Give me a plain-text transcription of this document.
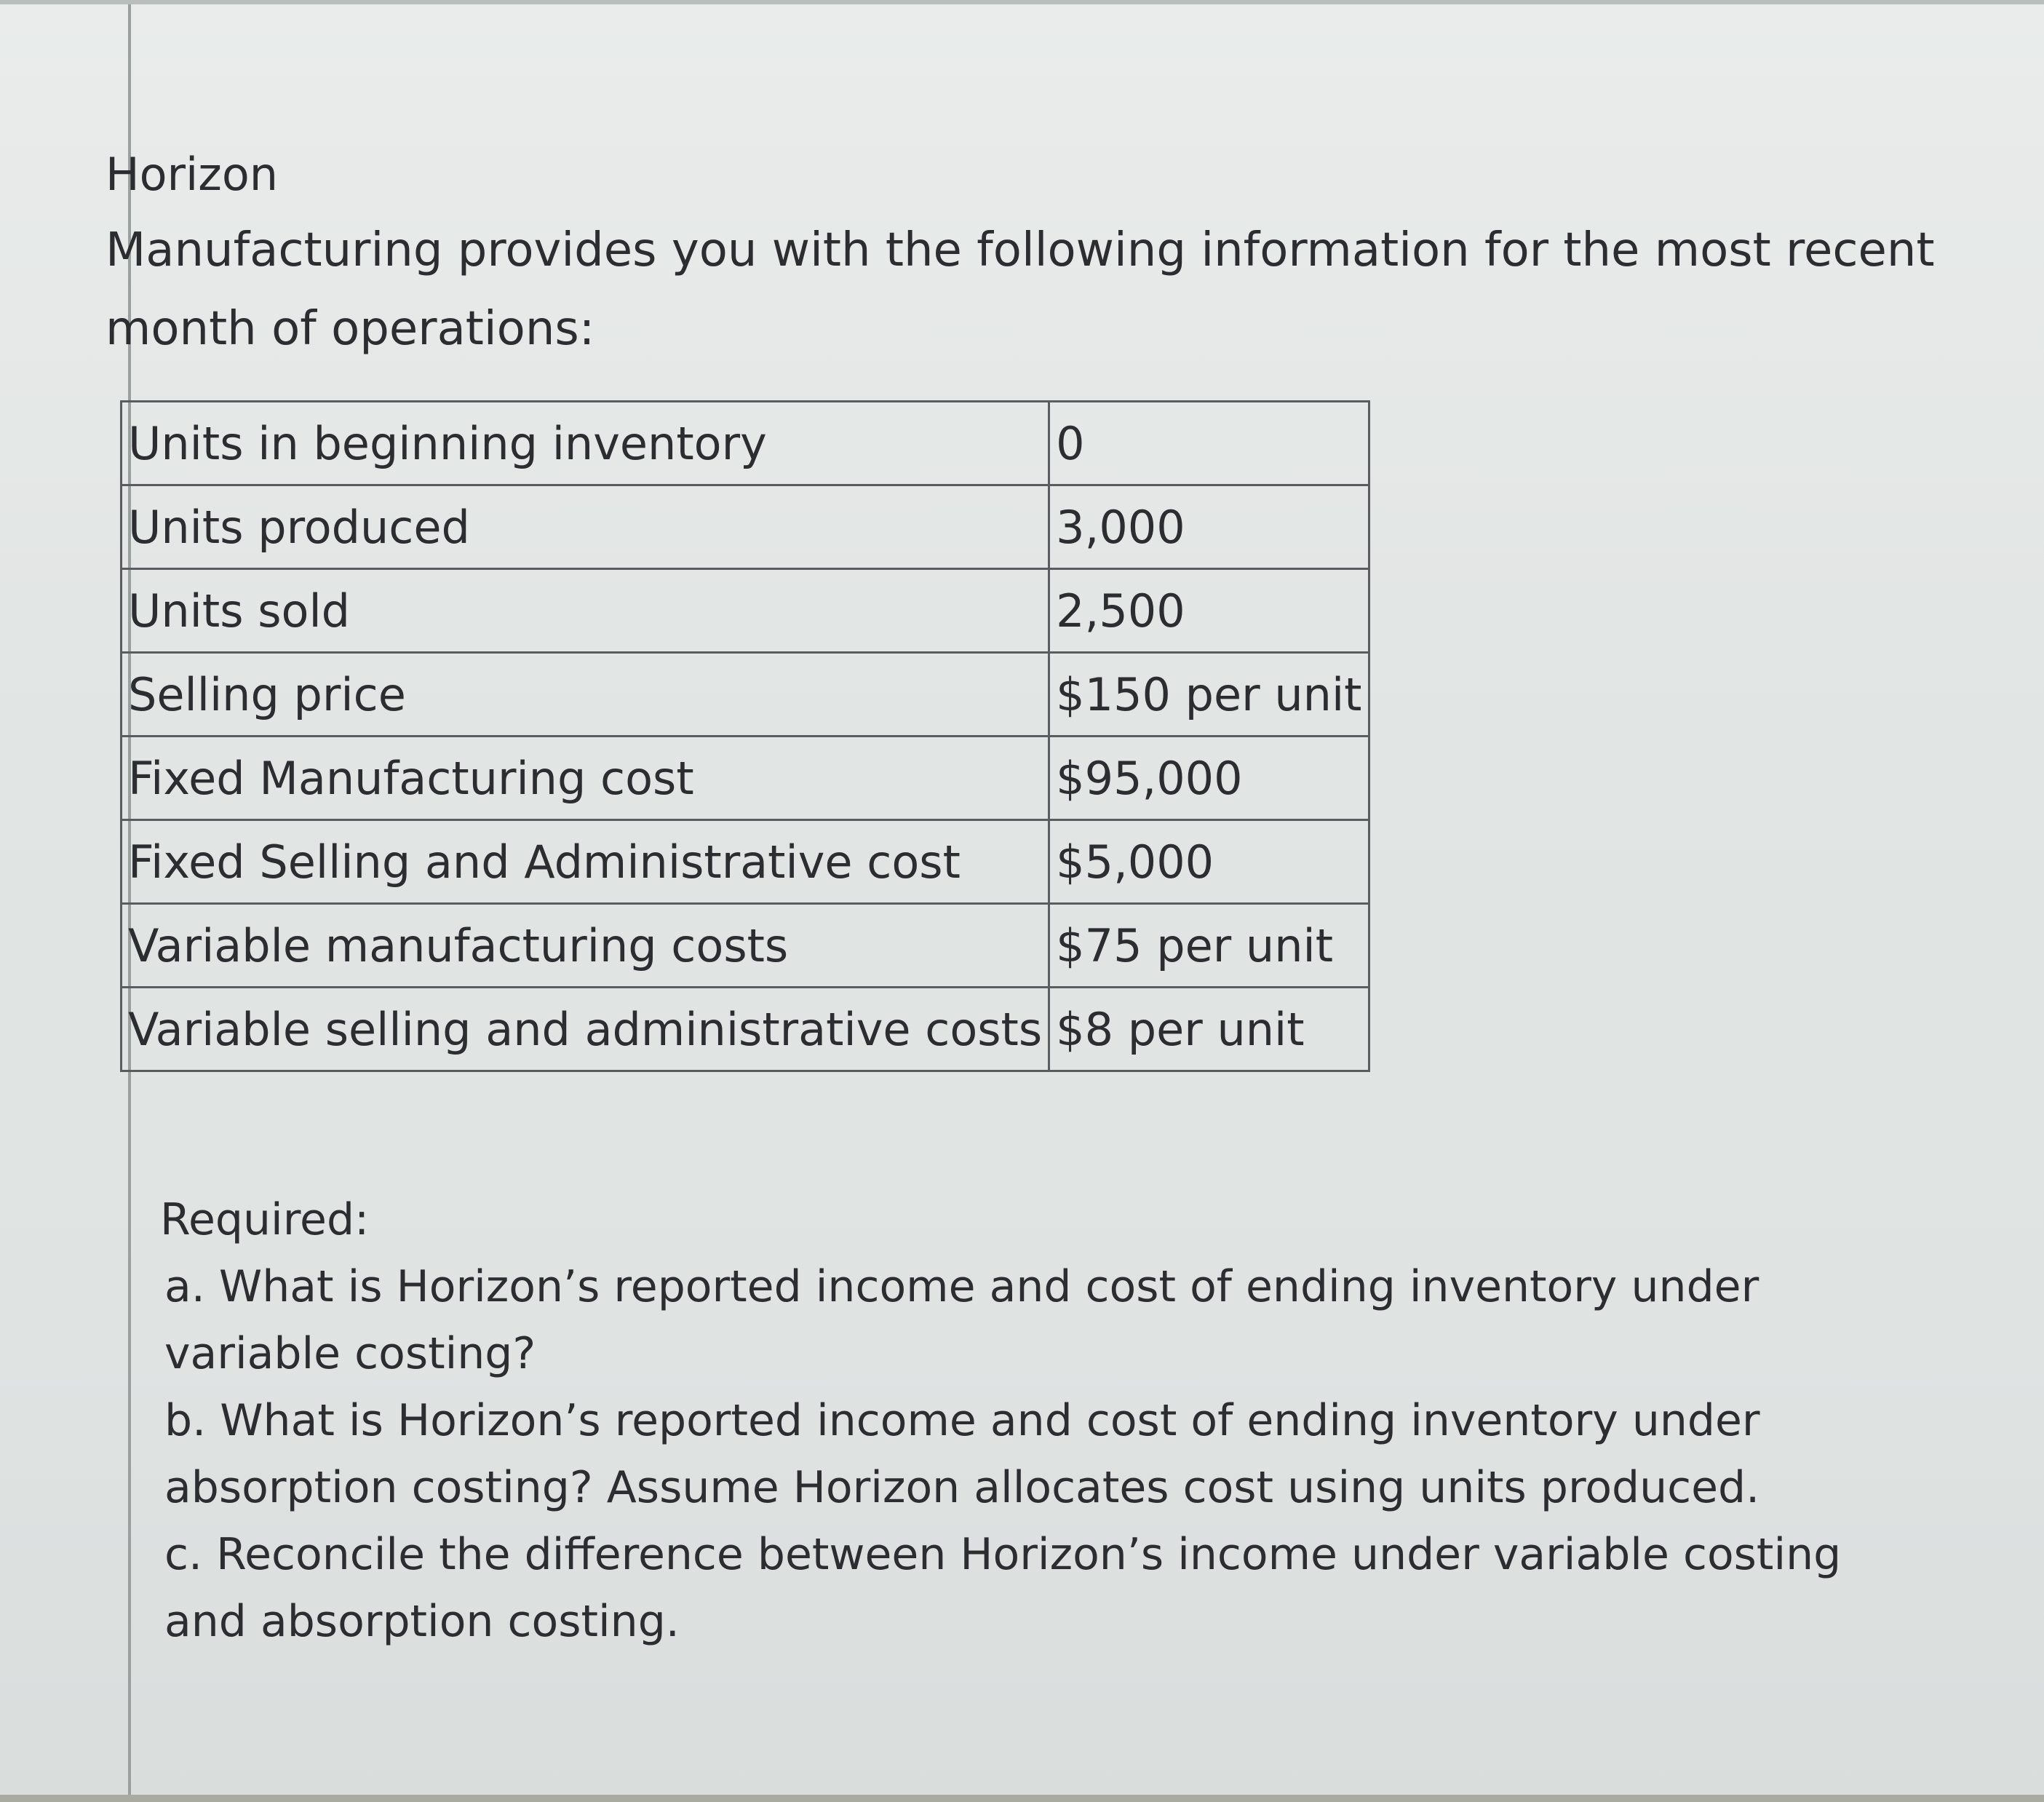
Horizon

Manufacturing provides you with the following information for the most recent month of operations:

Units in beginning inventory	0
Units produced	3,000
Units sold	2,500
Selling price	$150 per unit
Fixed Manufacturing cost	$95,000
Fixed Selling and Administrative cost	$5,000
Variable manufacturing costs	$75 per unit
Variable selling and administrative costs	$8 per unit

Required:

a. What is Horizon’s reported income and cost of ending inventory under variable costing?

b. What is Horizon’s reported income and cost of ending inventory under absorption costing? Assume Horizon allocates cost using units produced.

c. Reconcile the difference between Horizon’s income under variable costing and absorption costing.
